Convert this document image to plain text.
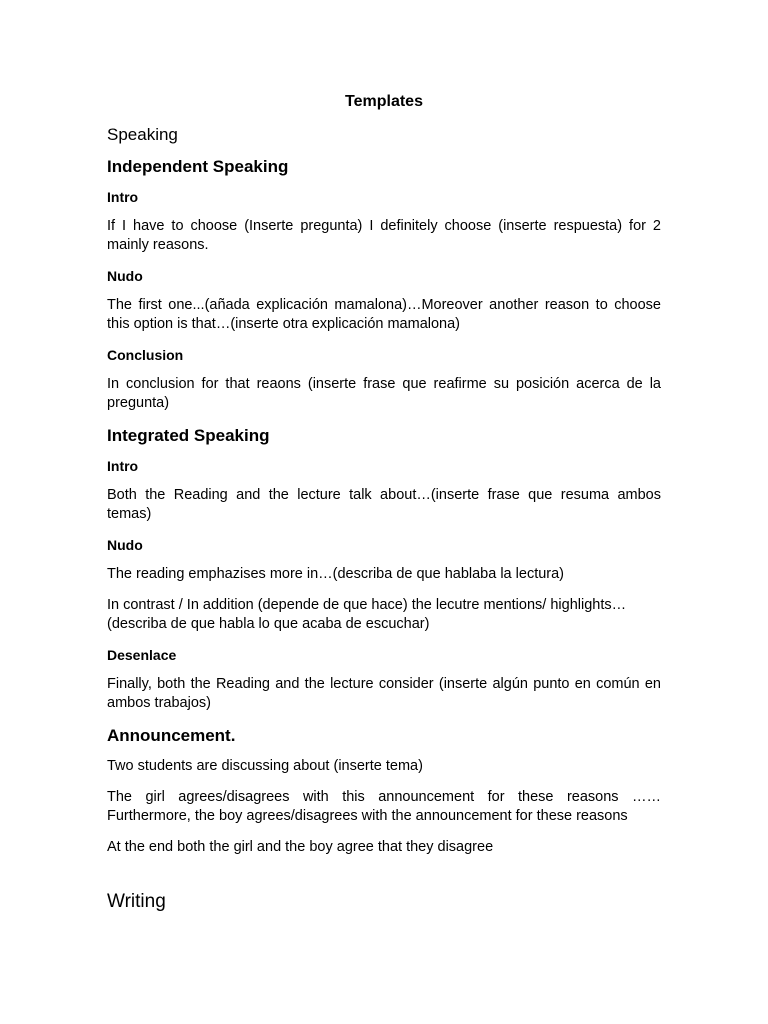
Templates
Speaking
Independent Speaking
Intro

If I have to choose (Inserte pregunta) I definitely choose (inserte respuesta) for 2 mainly reasons.

Nudo

The first one...(añada explicación mamalona)…Moreover another reason to choose this option is that…(inserte otra explicación mamalona)

Conclusion

In conclusion for that reaons (inserte frase que reafirme su posición acerca de la pregunta)

Integrated Speaking
Intro

Both the Reading and the lecture talk about…(inserte frase que resuma ambos temas)

Nudo

The reading emphazises more in…(describa de que hablaba la lectura)

In contrast / In addition (depende de que hace) the lecutre mentions/ highlights…(describa de que habla lo que acaba de escuchar)

Desenlace

Finally, both the Reading and the lecture consider (inserte algún punto en común en ambos trabajos)

Announcement.

Two students are discussing about (inserte tema)

The girl agrees/disagrees with this announcement for these reasons …… Furthermore, the boy agrees/disagrees with the announcement for these reasons

At the end both the girl and the boy agree that they disagree

Writing
